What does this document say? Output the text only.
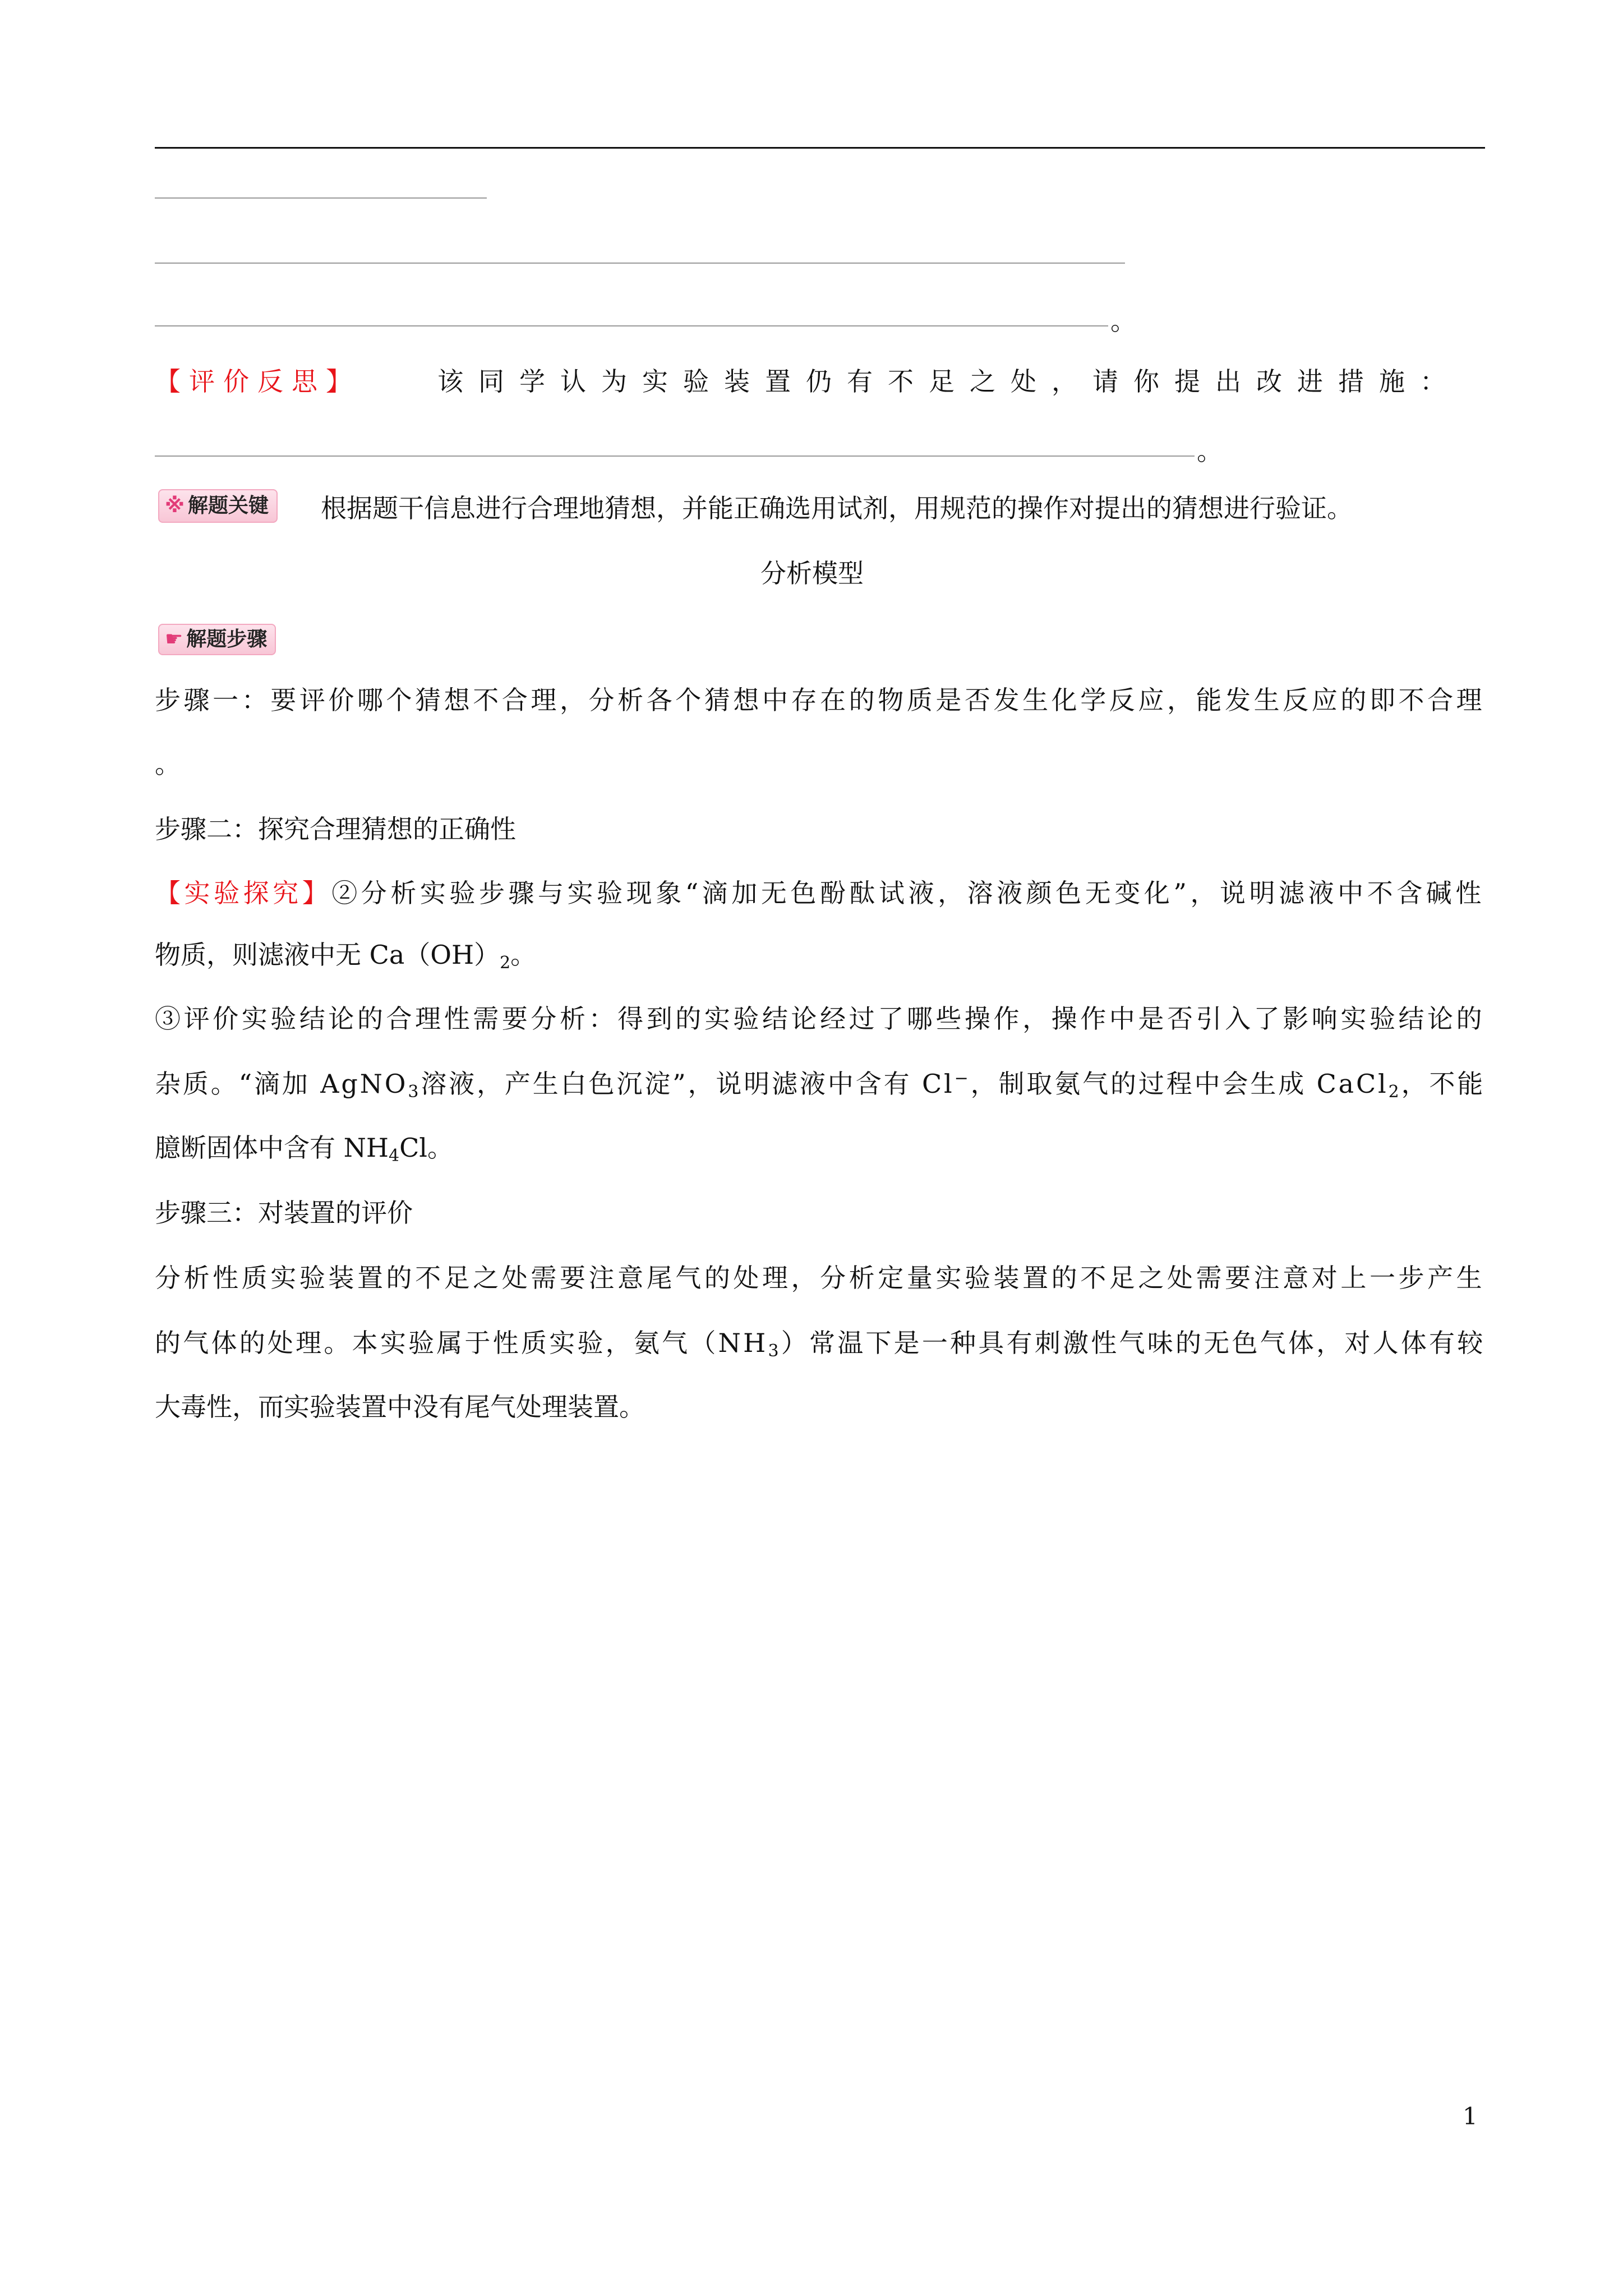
。
【评价反思】	该同学认为实验装置仍有不足之处，请你提出改进措施：
。
※ 解题关键	根据题干信息进行合理地猜想，并能正确选用试剂，用规范的操作对提出的猜想进行验证。
分析模型
☛ 解题步骤
步骤一：要评价哪个猜想不合理，分析各个猜想中存在的物质是否发生化学反应，能发生反应的即不合理
。
步骤二：探究合理猜想的正确性
【实验探究】②分析实验步骤与实验现象“滴加无色酚酞试液，溶液颜色无变化”，说明滤液中不含碱性
物质，则滤液中无 $Ca(OH)_2$。
③评价实验结论的合理性需要分析：得到的实验结论经过了哪些操作，操作中是否引入了影响实验结论的
杂质。“滴加 AgNO$_3$溶液，产生白色沉淀”，说明滤液中含有 Cl−，制取氨气的过程中会生成 CaCl$_2$，不能
臆断固体中含有 $NH_4Cl$。
步骤三：对装置的评价
分析性质实验装置的不足之处需要注意尾气的处理，分析定量实验装置的不足之处需要注意对上一步产生
的气体的处理。本实验属于性质实验，氨气$(NH_3)$常温下是一种具有刺激性气味的无色气体，对人体有较
大毒性，而实验装置中没有尾气处理装置。
1
